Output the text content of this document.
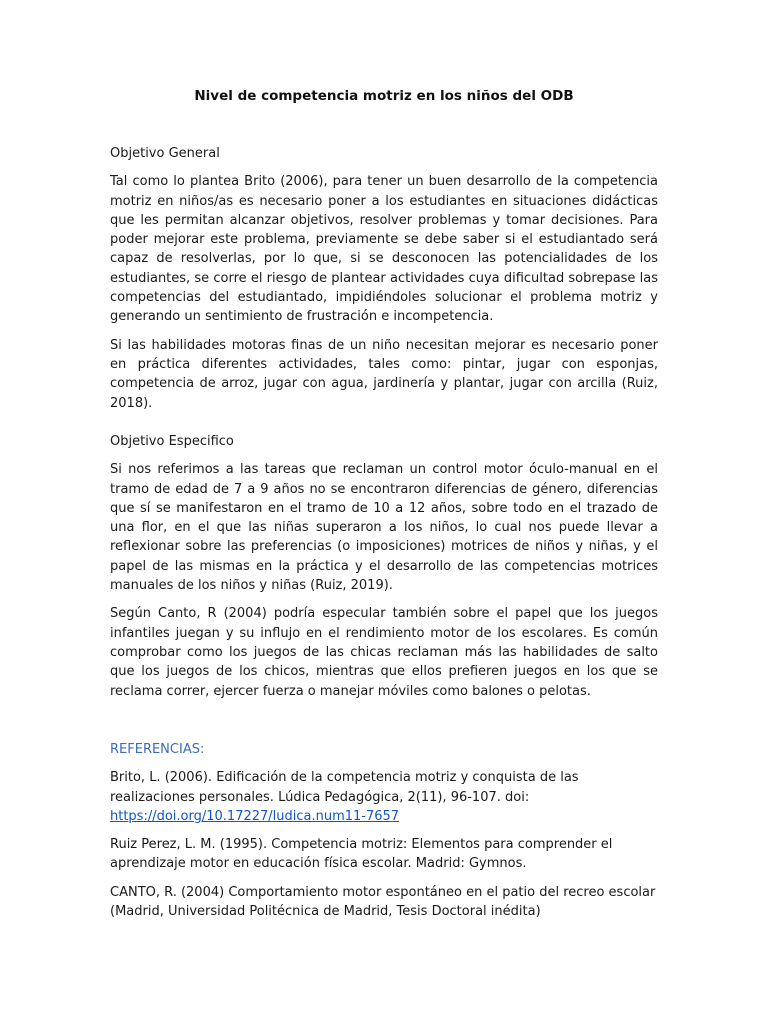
Nivel de competencia motriz en los niños del ODB

Objetivo General

Tal como lo plantea Brito (2006), para tener un buen desarrollo de la competencia motriz en niños/as es necesario poner a los estudiantes en situaciones didácticas que les permitan alcanzar objetivos, resolver problemas y tomar decisiones. Para poder mejorar este problema, previamente se debe saber si el estudiantado será capaz de resolverlas, por lo que, si se desconocen las potencialidades de los estudiantes, se corre el riesgo de plantear actividades cuya dificultad sobrepase las competencias del estudiantado, impidiéndoles solucionar el problema motriz y generando un sentimiento de frustración e incompetencia.

Si las habilidades motoras finas de un niño necesitan mejorar es necesario poner en práctica diferentes actividades, tales como: pintar, jugar con esponjas, competencia de arroz, jugar con agua, jardinería y plantar, jugar con arcilla (Ruiz, 2018).

Objetivo Especifico

Si nos referimos a las tareas que reclaman un control motor óculo-manual en el tramo de edad de 7 a 9 años no se encontraron diferencias de género, diferencias que sí se manifestaron en el tramo de 10 a 12 años, sobre todo en el trazado de una flor, en el que las niñas superaron a los niños, lo cual nos puede llevar a reflexionar sobre las preferencias (o imposiciones) motrices de niños y niñas, y el papel de las mismas en la práctica y el desarrollo de las competencias motrices manuales de los niños y niñas (Ruiz, 2019).

Según Canto, R (2004) podría especular también sobre el papel que los juegos infantiles juegan y su influjo en el rendimiento motor de los escolares. Es común comprobar como los juegos de las chicas reclaman más las habilidades de salto que los juegos de los chicos, mientras que ellos prefieren juegos en los que se reclama correr, ejercer fuerza o manejar móviles como balones o pelotas.

REFERENCIAS:

Brito, L. (2006). Edificación de la competencia motriz y conquista de las realizaciones personales. Lúdica Pedagógica, 2(11), 96-107. doi: https://doi.org/10.17227/ludica.num11-7657

Ruiz Perez, L. M. (1995). Competencia motriz: Elementos para comprender el aprendizaje motor en educación física escolar. Madrid: Gymnos.

CANTO, R. (2004) Comportamiento motor espontáneo en el patio del recreo escolar (Madrid, Universidad Politécnica de Madrid, Tesis Doctoral inédita)
